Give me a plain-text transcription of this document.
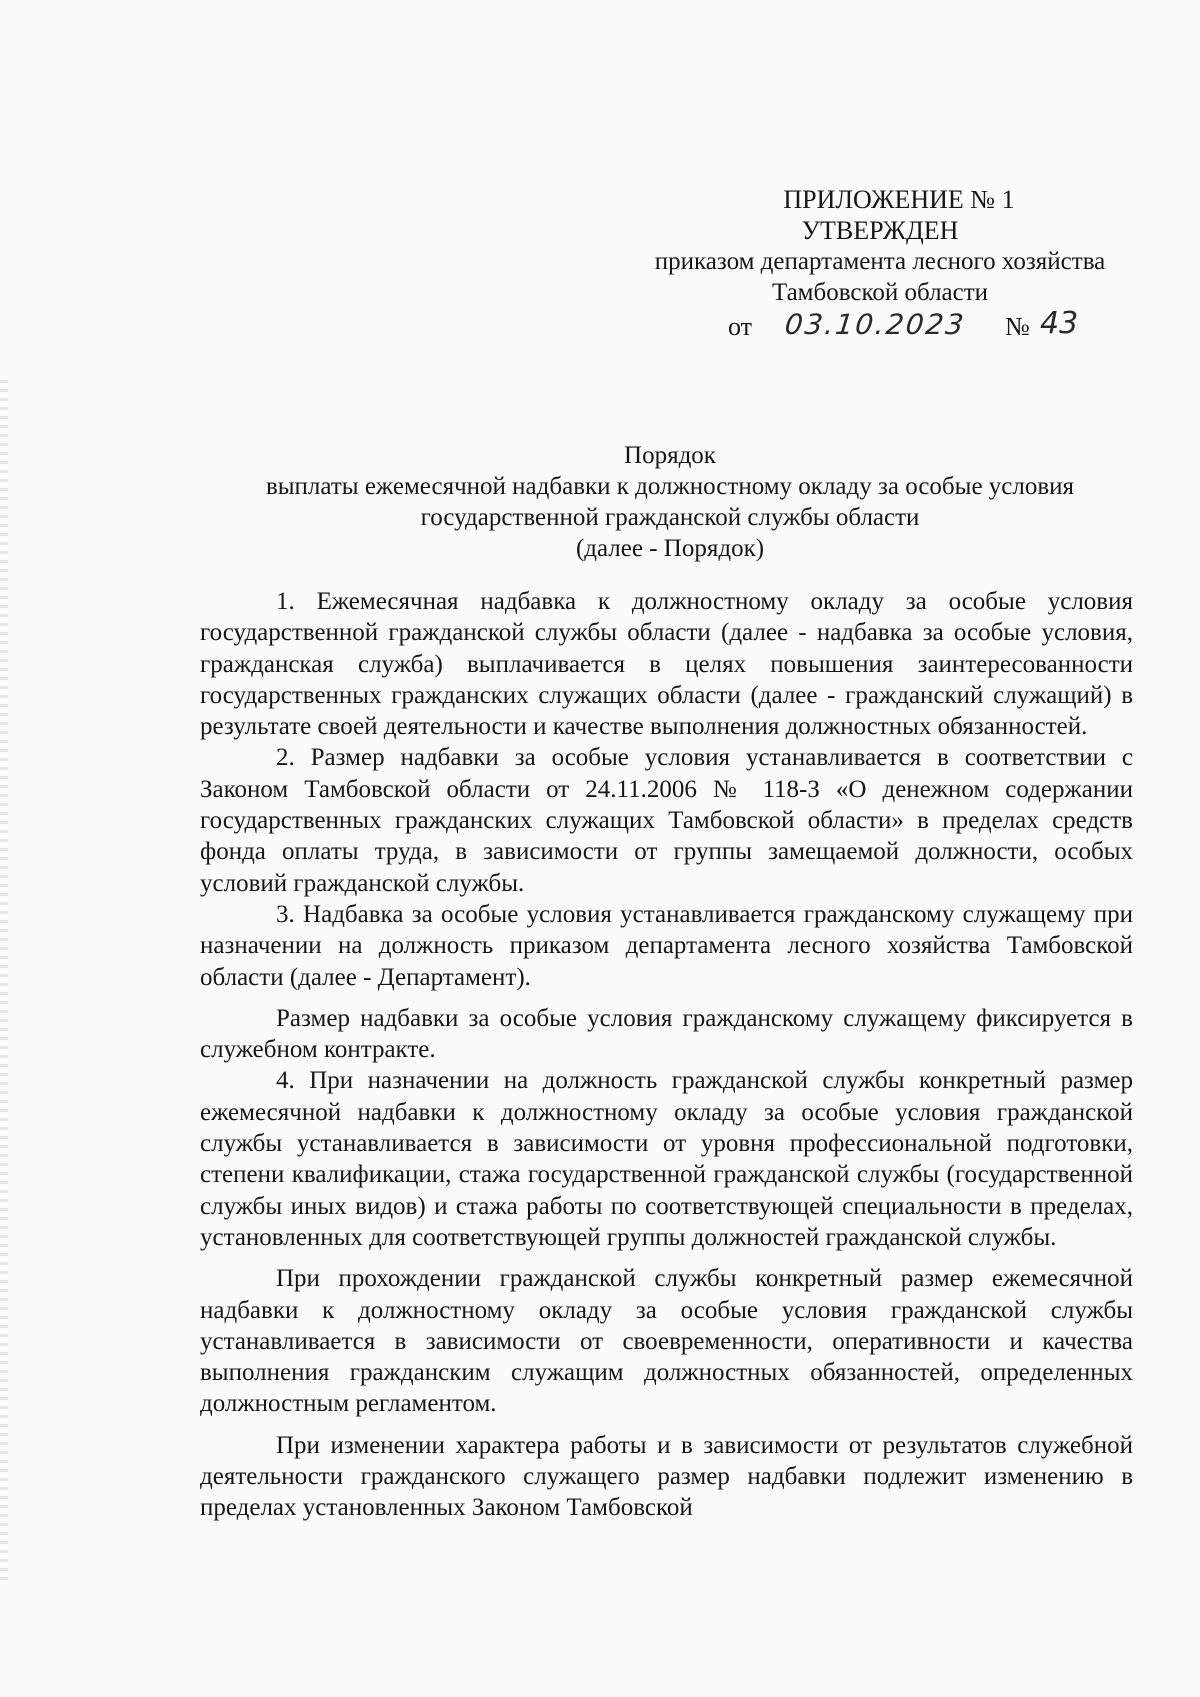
ПРИЛОЖЕНИЕ № 1
УТВЕРЖДЕН
приказом департамента лесного хозяйства
Тамбовской области
от 03.10.2023 № 43
Порядок
выплаты ежемесячной надбавки к должностному окладу за особые условия
государственной гражданской службы области
(далее - Порядок)

1. Ежемесячная надбавка к должностному окладу за особые условия государственной гражданской службы области (далее - надбавка за особые условия, гражданская служба) выплачивается в целях повышения заинтересованности государственных гражданских служащих области (далее - гражданский служащий) в результате своей деятельности и качестве выполнения должностных обязанностей.

2. Размер надбавки за особые условия устанавливается в соответствии с Законом Тамбовской области от 24.11.2006 № 118-З «О денежном содержании государственных гражданских служащих Тамбовской области» в пределах средств фонда оплаты труда, в зависимости от группы замещаемой должности, особых условий гражданской службы.

3. Надбавка за особые условия устанавливается гражданскому служащему при назначении на должность приказом департамента лесного хозяйства Тамбовской области (далее - Департамент).

Размер надбавки за особые условия гражданскому служащему фиксируется в служебном контракте.

4. При назначении на должность гражданской службы конкретный размер ежемесячной надбавки к должностному окладу за особые условия гражданской службы устанавливается в зависимости от уровня профессиональной подготовки, степени квалификации, стажа государственной гражданской службы (государственной службы иных видов) и стажа работы по соответствующей специальности в пределах, установленных для соответствующей группы должностей гражданской службы.

При прохождении гражданской службы конкретный размер ежемесячной надбавки к должностному окладу за особые условия гражданской службы устанавливается в зависимости от своевременности, оперативности и качества выполнения гражданским служащим должностных обязанностей, определенных должностным регламентом.

При изменении характера работы и в зависимости от результатов служебной деятельности гражданского служащего размер надбавки подлежит изменению в пределах установленных Законом Тамбовской
